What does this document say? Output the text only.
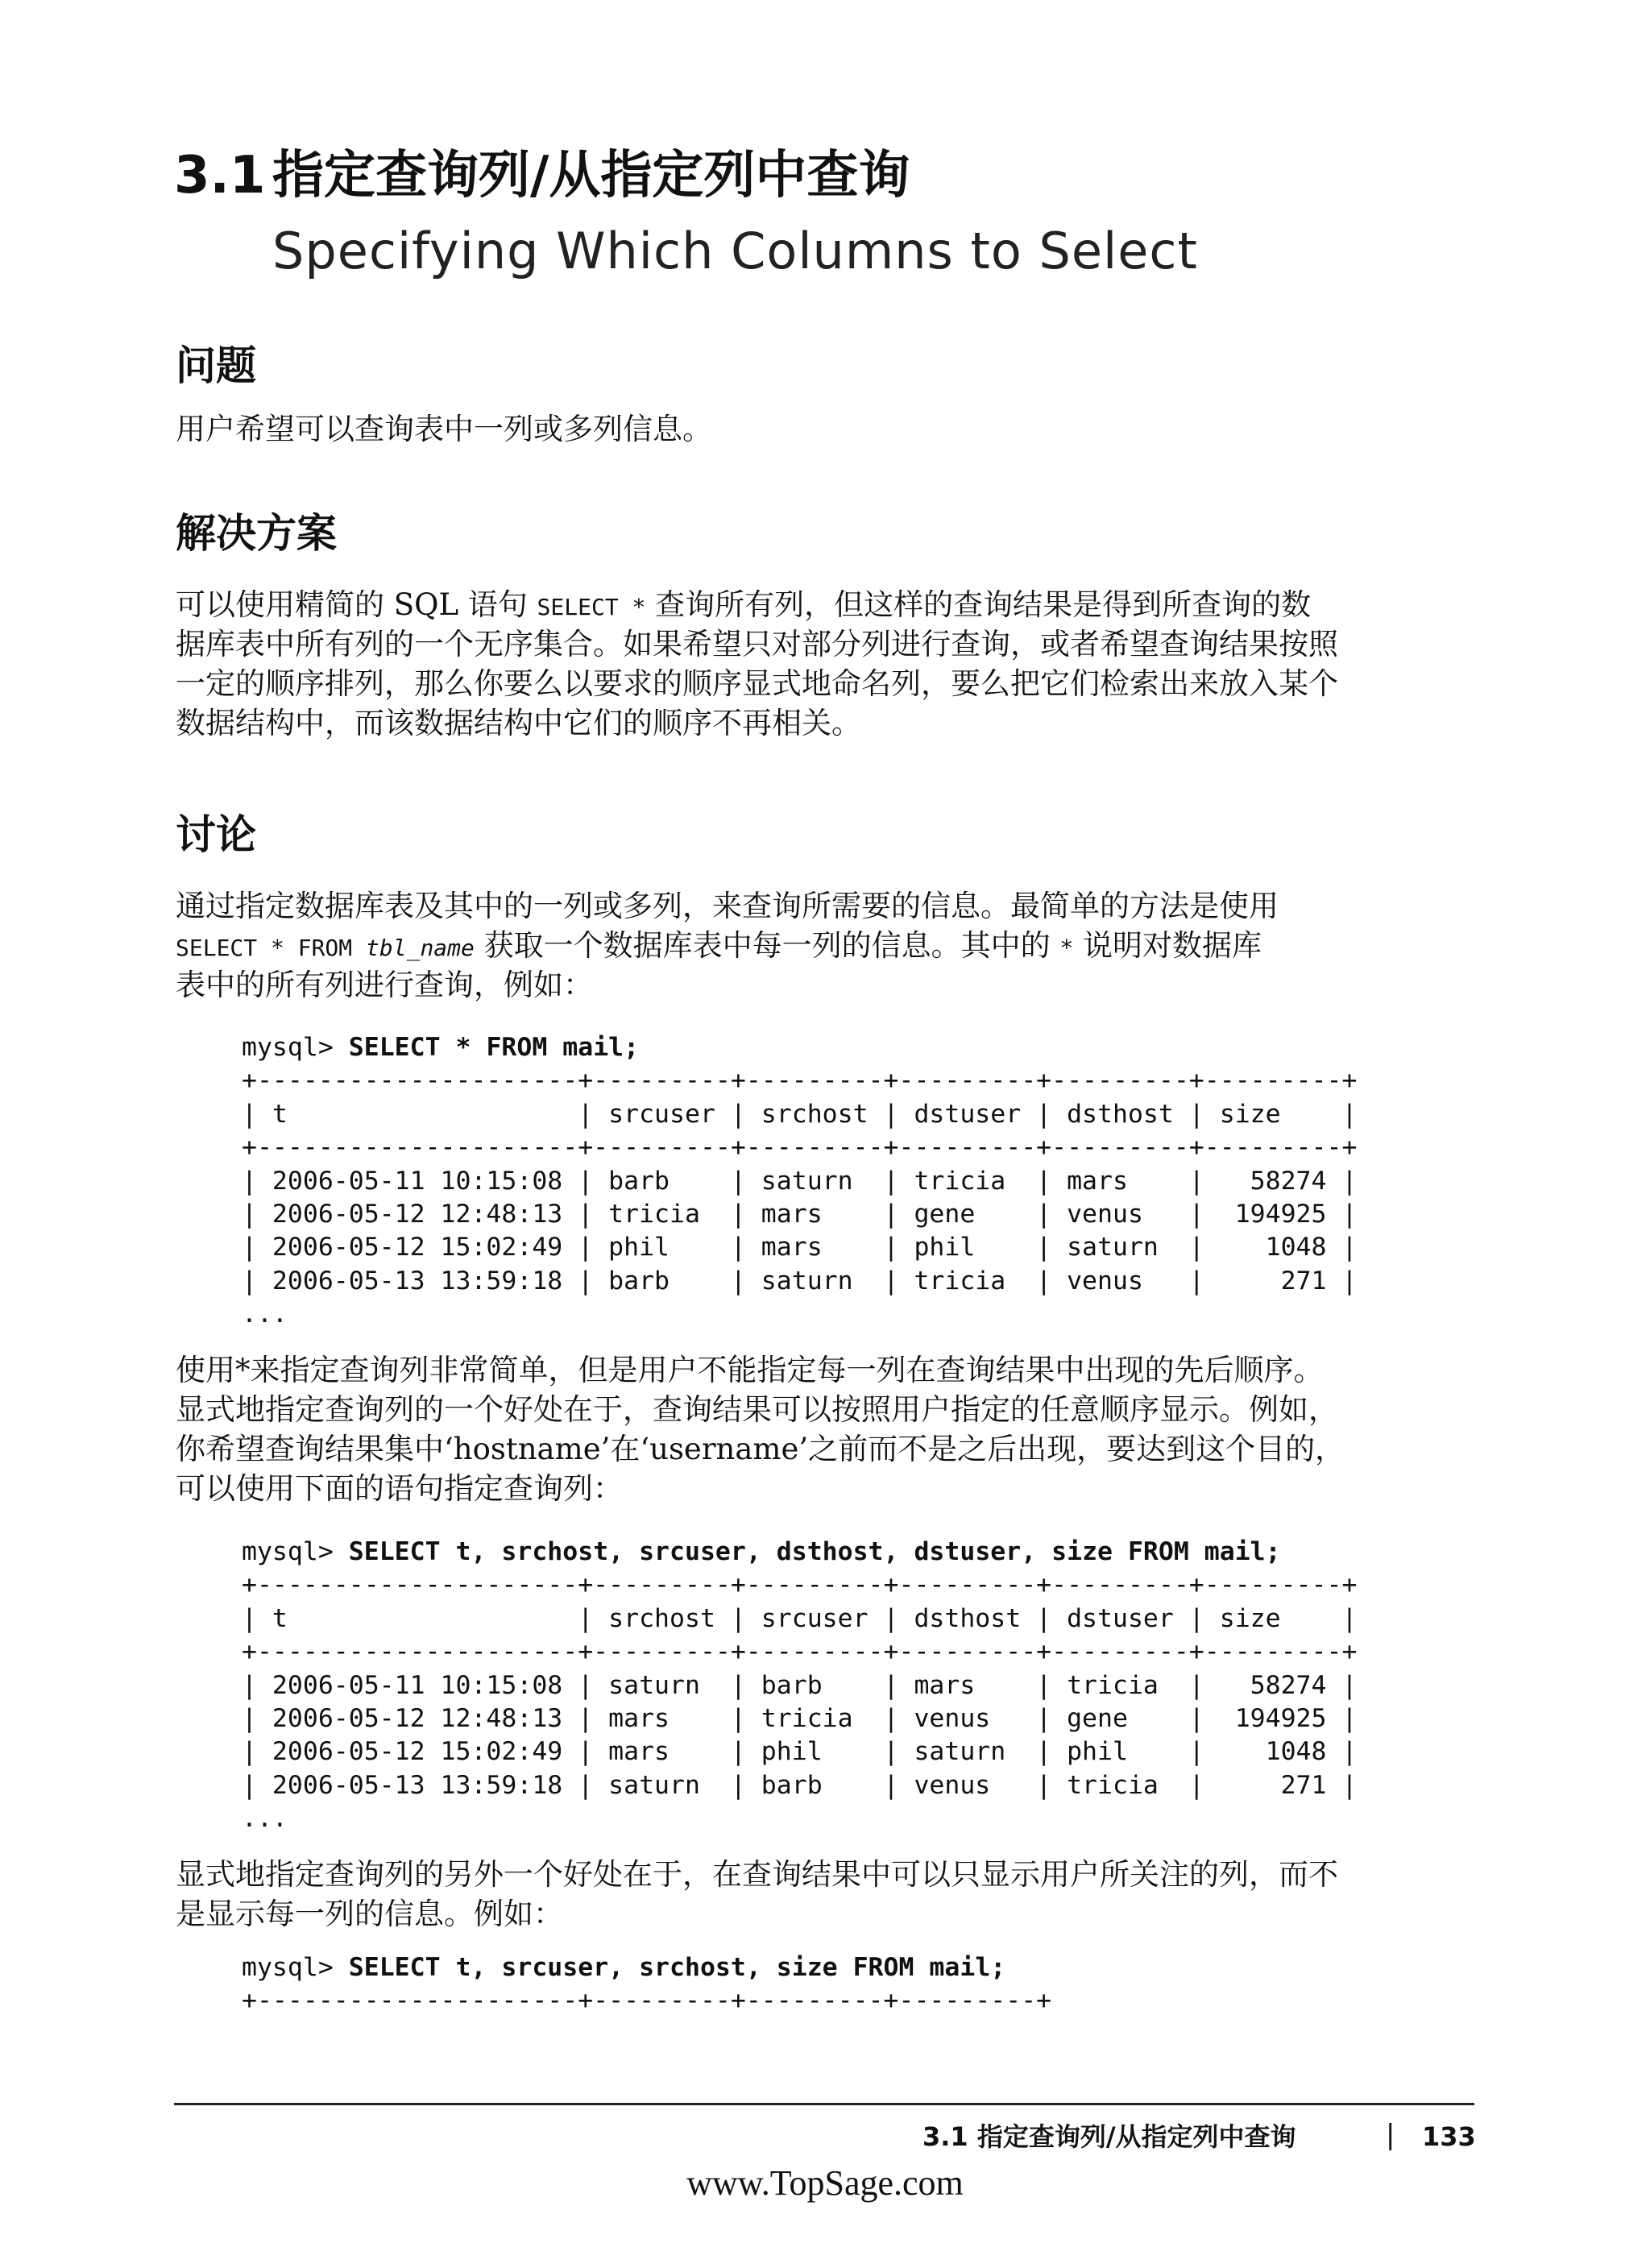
3.1 指定查询列/从指定列中查询
Specifying Which Columns to Select
问题
用户希望可以查询表中一列或多列信息。
解决方案
可以使用精简的 SQL 语句 SELECT * 查询所有列，但这样的查询结果是得到所查询的数
据库表中所有列的一个无序集合。如果希望只对部分列进行查询，或者希望查询结果按照
一定的顺序排列，那么你要么以要求的顺序显式地命名列，要么把它们检索出来放入某个
数据结构中，而该数据结构中它们的顺序不再相关。
讨论
通过指定数据库表及其中的一列或多列，来查询所需要的信息。最简单的方法是使用
SELECT * FROM tbl_name 获取一个数据库表中每一列的信息。其中的 * 说明对数据库
表中的所有列进行查询，例如：
mysql> SELECT * FROM mail;
+---------------------+---------+---------+---------+---------+---------+
| t                   | srcuser | srchost | dstuser | dsthost | size    |
+---------------------+---------+---------+---------+---------+---------+
| 2006-05-11 10:15:08 | barb    | saturn  | tricia  | mars    |   58274 |
| 2006-05-12 12:48:13 | tricia  | mars    | gene    | venus   |  194925 |
| 2006-05-12 15:02:49 | phil    | mars    | phil    | saturn  |    1048 |
| 2006-05-13 13:59:18 | barb    | saturn  | tricia  | venus   |     271 |
...
使用*来指定查询列非常简单，但是用户不能指定每一列在查询结果中出现的先后顺序。
显式地指定查询列的一个好处在于，查询结果可以按照用户指定的任意顺序显示。例如，
你希望查询结果集中‘hostname’在‘username’之前而不是之后出现，要达到这个目的，
可以使用下面的语句指定查询列：
mysql> SELECT t, srchost, srcuser, dsthost, dstuser, size FROM mail;
+---------------------+---------+---------+---------+---------+---------+
| t                   | srchost | srcuser | dsthost | dstuser | size    |
+---------------------+---------+---------+---------+---------+---------+
| 2006-05-11 10:15:08 | saturn  | barb    | mars    | tricia  |   58274 |
| 2006-05-12 12:48:13 | mars    | tricia  | venus   | gene    |  194925 |
| 2006-05-12 15:02:49 | mars    | phil    | saturn  | phil    |    1048 |
| 2006-05-13 13:59:18 | saturn  | barb    | venus   | tricia  |     271 |
...
显式地指定查询列的另外一个好处在于，在查询结果中可以只显示用户所关注的列，而不
是显示每一列的信息。例如：
mysql> SELECT t, srcuser, srchost, size FROM mail;
+---------------------+---------+---------+---------+
3.1 指定查询列/从指定列中查询	| 133
www.TopSage.com
